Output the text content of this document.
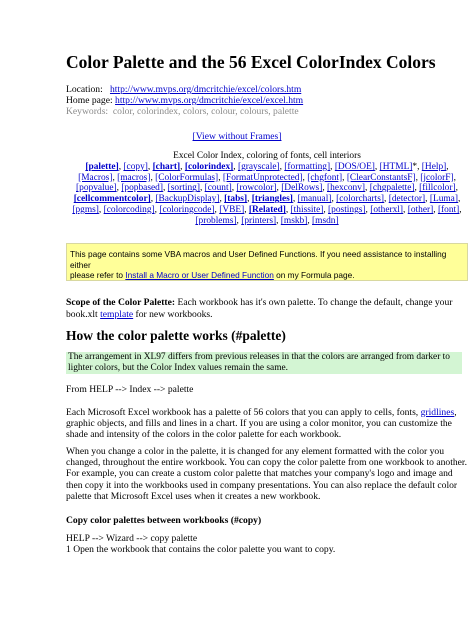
Color Palette and the 56 Excel ColorIndex Colors
Location: http://www.mvps.org/dmcritchie/excel/colors.htm
Home page: http://www.mvps.org/dmcritchie/excel/excel.htm
Keywords: color, colorindex, colors, colour, colours, palette
[View without Frames]
Excel Color Index, coloring of fonts, cell interiors
[palette], [copy], [chart], [colorindex], [grayscale], [formatting], [DOS/OE], [HTML]*, [Help], [Macros], [macros], [ColorFormulas], [FormatUnprotected], [chgfont], [ClearConstantsF], [jcolorF], [popvalue], [popbased], [sorting], [count], [rowcolor], [DelRows], [hexconv], [chgpalette], [fillcolor], [cellcommentcolor], [BackupDisplay], [tabs], [triangles], [manual], [colorcharts], [detector], [Luma], [pgms], [colorcoding], [coloringcode], [VBE], [Related], [thissite], [postings], [otherxl], [other], [font], [problems], [printers], [mskb], [msdn]
This page contains some VBA macros and User Defined Functions. If you need assistance to installing either
please refer to Install a Macro or User Defined Function on my Formula page.
Scope of the Color Palette: Each workbook has it's own palette. To change the default, change your book.xlt template for new workbooks.
How the color palette works (#palette)
The arrangement in XL97 differs from previous releases in that the colors are arranged from darker to lighter colors, but the Color Index values remain the same.
From HELP --> Index --> palette
Each Microsoft Excel workbook has a palette of 56 colors that you can apply to cells, fonts, gridlines, graphic objects, and fills and lines in a chart. If you are using a color monitor, you can customize the shade and intensity of the colors in the color palette for each workbook.
When you change a color in the palette, it is changed for any element formatted with the color you changed, throughout the entire workbook. You can copy the color palette from one workbook to another. For example, you can create a custom color palette that matches your company's logo and image and then copy it into the workbooks used in company presentations. You can also replace the default color palette that Microsoft Excel uses when it creates a new workbook.
Copy color palettes between workbooks (#copy)
HELP --> Wizard --> copy palette
1 Open the workbook that contains the color palette you want to copy.
